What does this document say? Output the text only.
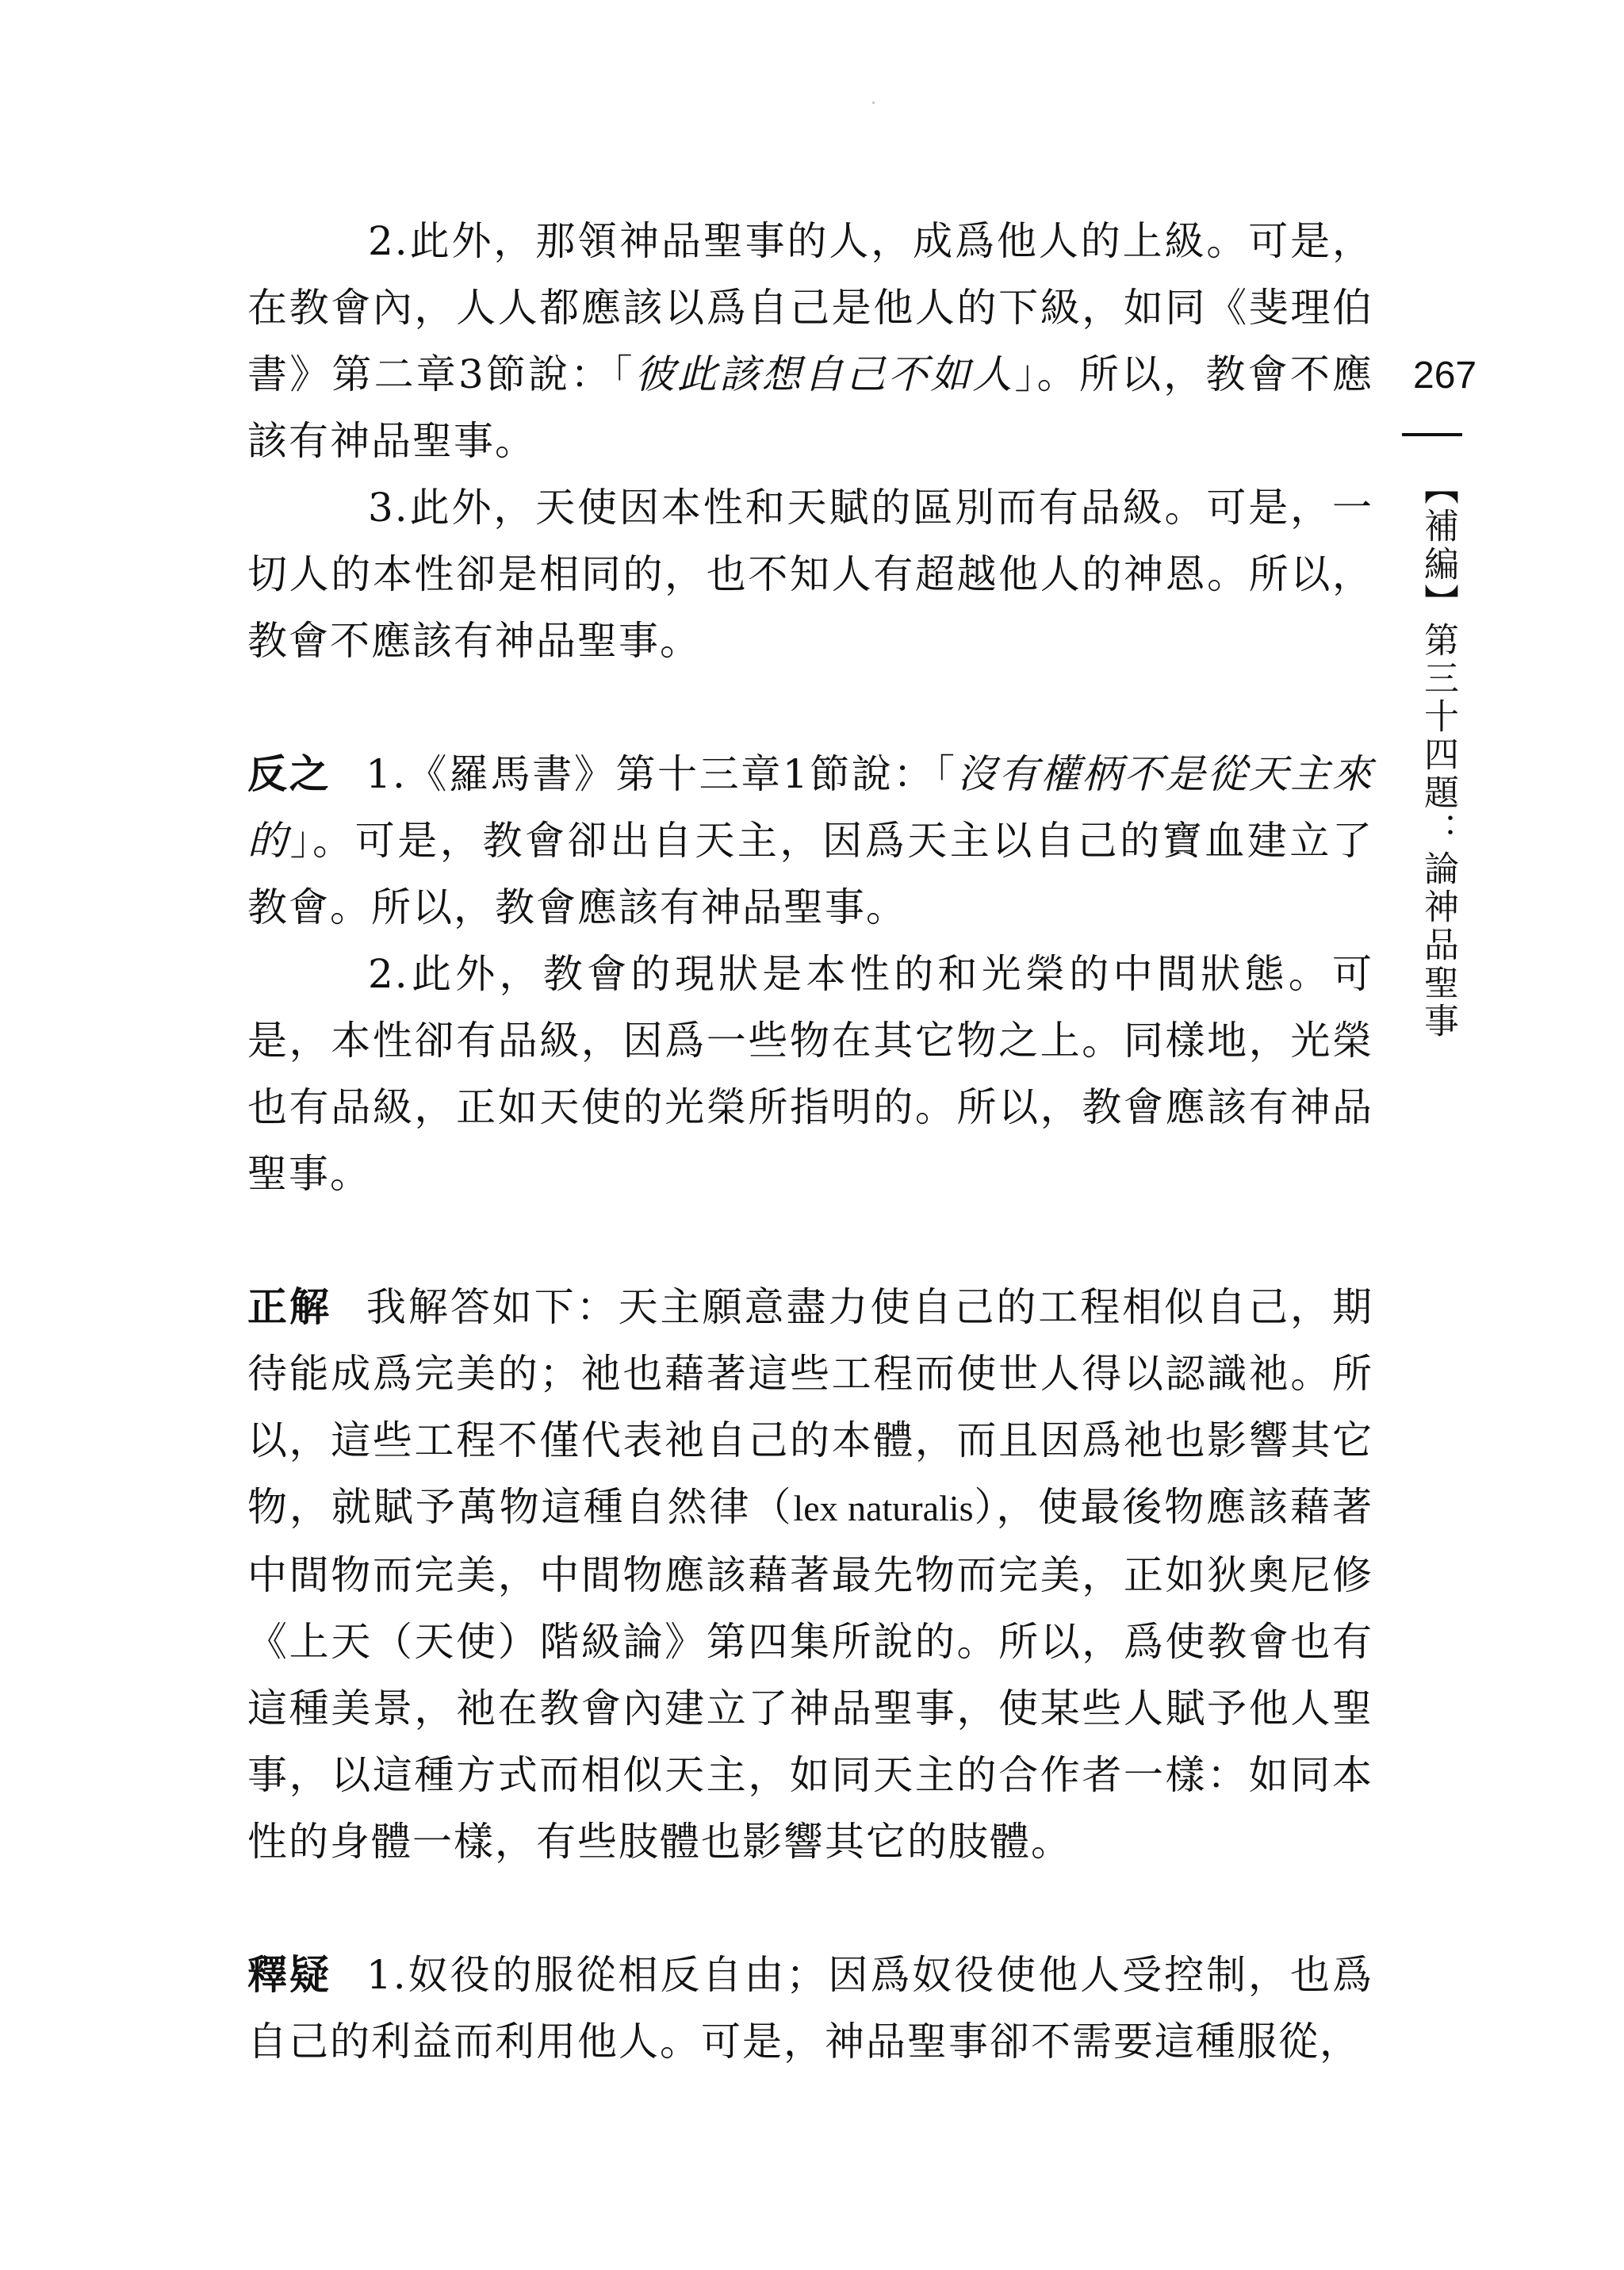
2.此外，那領神品聖事的人，成爲他人的上級。可是，在教會內，人人都應該以爲自己是他人的下級，如同《斐理伯書》第二章3節說：「彼此該想自己不如人」。所以，教會不應該有神品聖事。

3.此外，天使因本性和天賦的區別而有品級。可是，一切人的本性卻是相同的，也不知人有超越他人的神恩。所以，教會不應該有神品聖事。

反之 1.《羅馬書》第十三章1節說：「沒有權柄不是從天主來的」。可是，教會卻出自天主，因爲天主以自己的寶血建立了教會。所以，教會應該有神品聖事。

2.此外，教會的現狀是本性的和光榮的中間狀態。可是，本性卻有品級，因爲一些物在其它物之上。同樣地，光榮也有品級，正如天使的光榮所指明的。所以，教會應該有神品聖事。

正解 我解答如下：天主願意盡力使自己的工程相似自己，期待能成爲完美的；祂也藉著這些工程而使世人得以認識祂。所以，這些工程不僅代表祂自己的本體，而且因爲祂也影響其它物，就賦予萬物這種自然律（lex naturalis），使最後物應該藉著中間物而完美，中間物應該藉著最先物而完美，正如狄奧尼修《上天（天使）階級論》第四集所說的。所以，爲使教會也有這種美景，祂在教會內建立了神品聖事，使某些人賦予他人聖事，以這種方式而相似天主，如同天主的合作者一樣：如同本性的身體一樣，有些肢體也影響其它的肢體。

釋疑 1.奴役的服從相反自由；因爲奴役使他人受控制，也爲自己的利益而利用他人。可是，神品聖事卻不需要這種服從，

267
【補編】第三十四題：論神品聖事
